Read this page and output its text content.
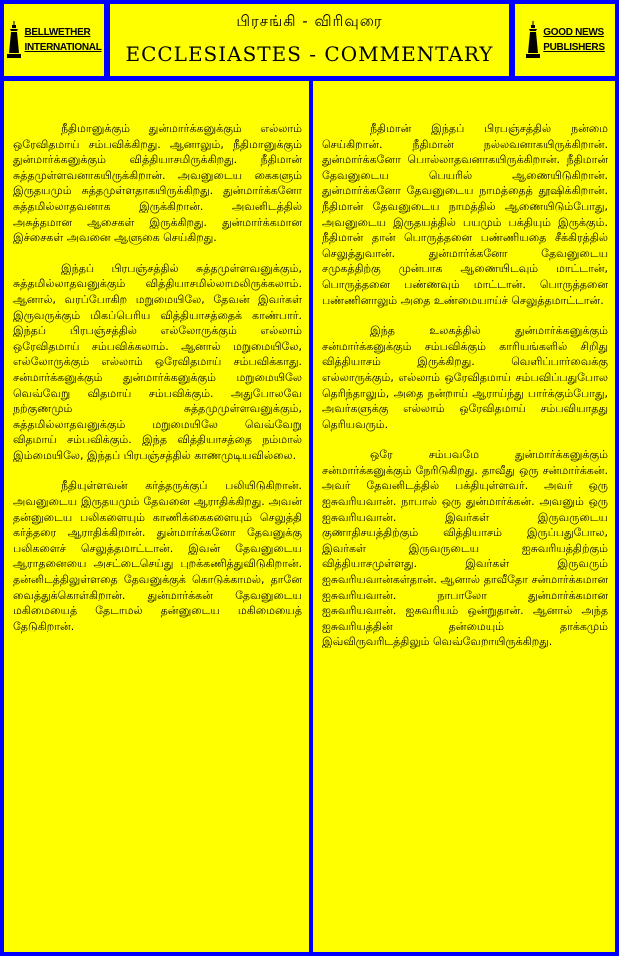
BELLWETHER
INTERNATIONAL
பிரசங்கி - விரிவுரை
ECCLESIASTES - COMMENTARY
GOOD NEWS
PUBLISHERS

நீதிமானுக்கும் துன்மார்க்கனுக்கும் எல்லாம் ஒரேவிதமாய் சம்பவிக்கிறது. ஆனாலும், நீதிமானுக்கும் துன்மார்க்கனுக்கும் வித்தியாசமிருக்கிறது. நீதிமான் சுத்தமுள்ளவனாகயிருக்கிறான். அவனுடைய கைகளும் இருதயமும் சுத்தமுள்ளதாகயிருக்கிறது. துன்மார்க்கனோ சுத்தமில்லாதவனாக இருக்கிறான். அவனிடத்தில் அசுத்தமான ஆசைகள் இருக்கிறது. துன்மார்க்கமான இச்சைகள் அவனை ஆளுகை செய்கிறது.

இந்தப் பிரபஞ்சத்தில் சுத்தமுள்ளவனுக்கும், சுத்தமில்லாதவனுக்கும் வித்தியாசமில்லாமலிருக்கலாம். ஆனால், வரப்போகிற மறுமையிலே, தேவன் இவர்கள் இருவருக்கும் மிகப்பெரிய வித்தியாசத்தைக் காண்பார். இந்தப் பிரபஞ்சத்தில் எல்லோருக்கும் எல்லாம் ஒரேவிதமாய் சம்பவிக்கலாம். ஆனால் மறுமையிலே, எல்லோருக்கும் எல்லாம் ஒரேவிதமாய் சம்பவிக்காது. சன்மார்க்கனுக்கும் துன்மார்க்கனுக்கும் மறுமையிலே வெவ்வேறு விதமாய் சம்பவிக்கும். அதுபோலவே நற்குணமும் சுத்தமுமுள்ளவனுக்கும், சுத்தமில்லாதவனுக்கும் மறுமையிலே வெவ்வேறு விதமாய் சம்பவிக்கும். இந்த வித்தியாசத்தை நம்மால் இம்மையிலே, இந்தப் பிரபஞ்சத்தில் காணமுடியவில்லை.

நீதியுள்ளவன் கர்த்தருக்குப் பலியிடுகிறான். அவனுடைய இருதயமும் தேவனை ஆராதிக்கிறது. அவன் தன்னுடைய பலிகளையும் காணிக்கைகளையும் செலுத்தி கர்த்தரை ஆராதிக்கிறான். துன்மார்க்கனோ தேவனுக்கு பலிகளைச் செலுத்தமாட்டான். இவன் தேவனுடைய ஆராதனையை அசட்டைசெய்து புறக்கணித்துவிடுகிறான். தன்னிடத்திலுள்ளதை தேவனுக்குக் கொடுக்காமல், தானே வைத்துக்கொள்கிறான். துன்மார்க்கன் தேவனுடைய மகிமையைத் தேடாமல் தன்னுடைய மகிமையைத் தேடுகிறான்.

நீதிமான் இந்தப் பிரபஞ்சத்தில் நன்மை செய்கிறான். நீதிமான் நல்லவனாகயிருக்கிறான். துன்மார்க்கனோ பொல்லாதவனாகயிருக்கிறான். நீதிமான் தேவனுடைய பெயரில் ஆணையிடுகிறான். துன்மார்க்கனோ தேவனுடைய நாமத்தைத் தூஷிக்கிறான். நீதிமான் தேவனுடைய நாமத்தில் ஆணையிடும்போது, அவனுடைய இருதயத்தில் பயமும் பக்தியும் இருக்கும். நீதிமான் தான் பொருத்தனை பண்ணியதை சீக்கிரத்தில் செலுத்துவான். துன்மார்க்கனோ தேவனுடைய சமுகத்திற்கு முன்பாக ஆணையிடவும் மாட்டான், பொருத்தனை பண்ணவும் மாட்டான். பொருத்தனை பண்ணினாலும் அதை உண்மையாய்ச் செலுத்தமாட்டான்.

இந்த உலகத்தில் துன்மார்க்கனுக்கும் சன்மார்க்கனுக்கும் சம்பவிக்கும் காரியங்களில் சிறிது வித்தியாசம் இருக்கிறது. வெளிப்பார்வைக்கு எல்லாருக்கும், எல்லாம் ஒரேவிதமாய் சம்பவிப்பதுபோல தெரிந்தாலும், அதை நன்றாய் ஆராய்ந்து பார்க்கும்போது, அவர்களுக்கு எல்லாம் ஒரேவிதமாய் சம்பவியாதது தெரியவரும்.

ஒரே சம்பவமே துன்மார்க்கனுக்கும் சன்மார்க்கனுக்கும் நேரிடுகிறது. தாவீது ஒரு சன்மார்க்கன். அவர் தேவனிடத்தில் பக்தியுள்ளவர். அவர் ஒரு ஐசுவரியவான். நாபால் ஒரு துன்மார்க்கன். அவனும் ஒரு ஐசுவரியவான். இவர்கள் இருவருடைய குணாதிசயத்திற்கும் வித்தியாசம் இருப்பதுபோல, இவர்கள் இருவருடைய ஐசுவரியத்திற்கும் வித்தியாசமுள்ளது. இவர்கள் இருவரும் ஐசுவரியவான்கள்தான். ஆனால் தாவீதோ சன்மார்க்கமான ஐசுவரியவான். நாபாலோ துன்மார்க்கமான ஐசுவரியவான். ஐசுவரியம் ஒன்றுதான். ஆனால் அந்த ஐசுவரியத்தின் தன்மையும் தாக்கமும் இவ்விருவரிடத்திலும் வெவ்வேறாயிருக்கிறது.
